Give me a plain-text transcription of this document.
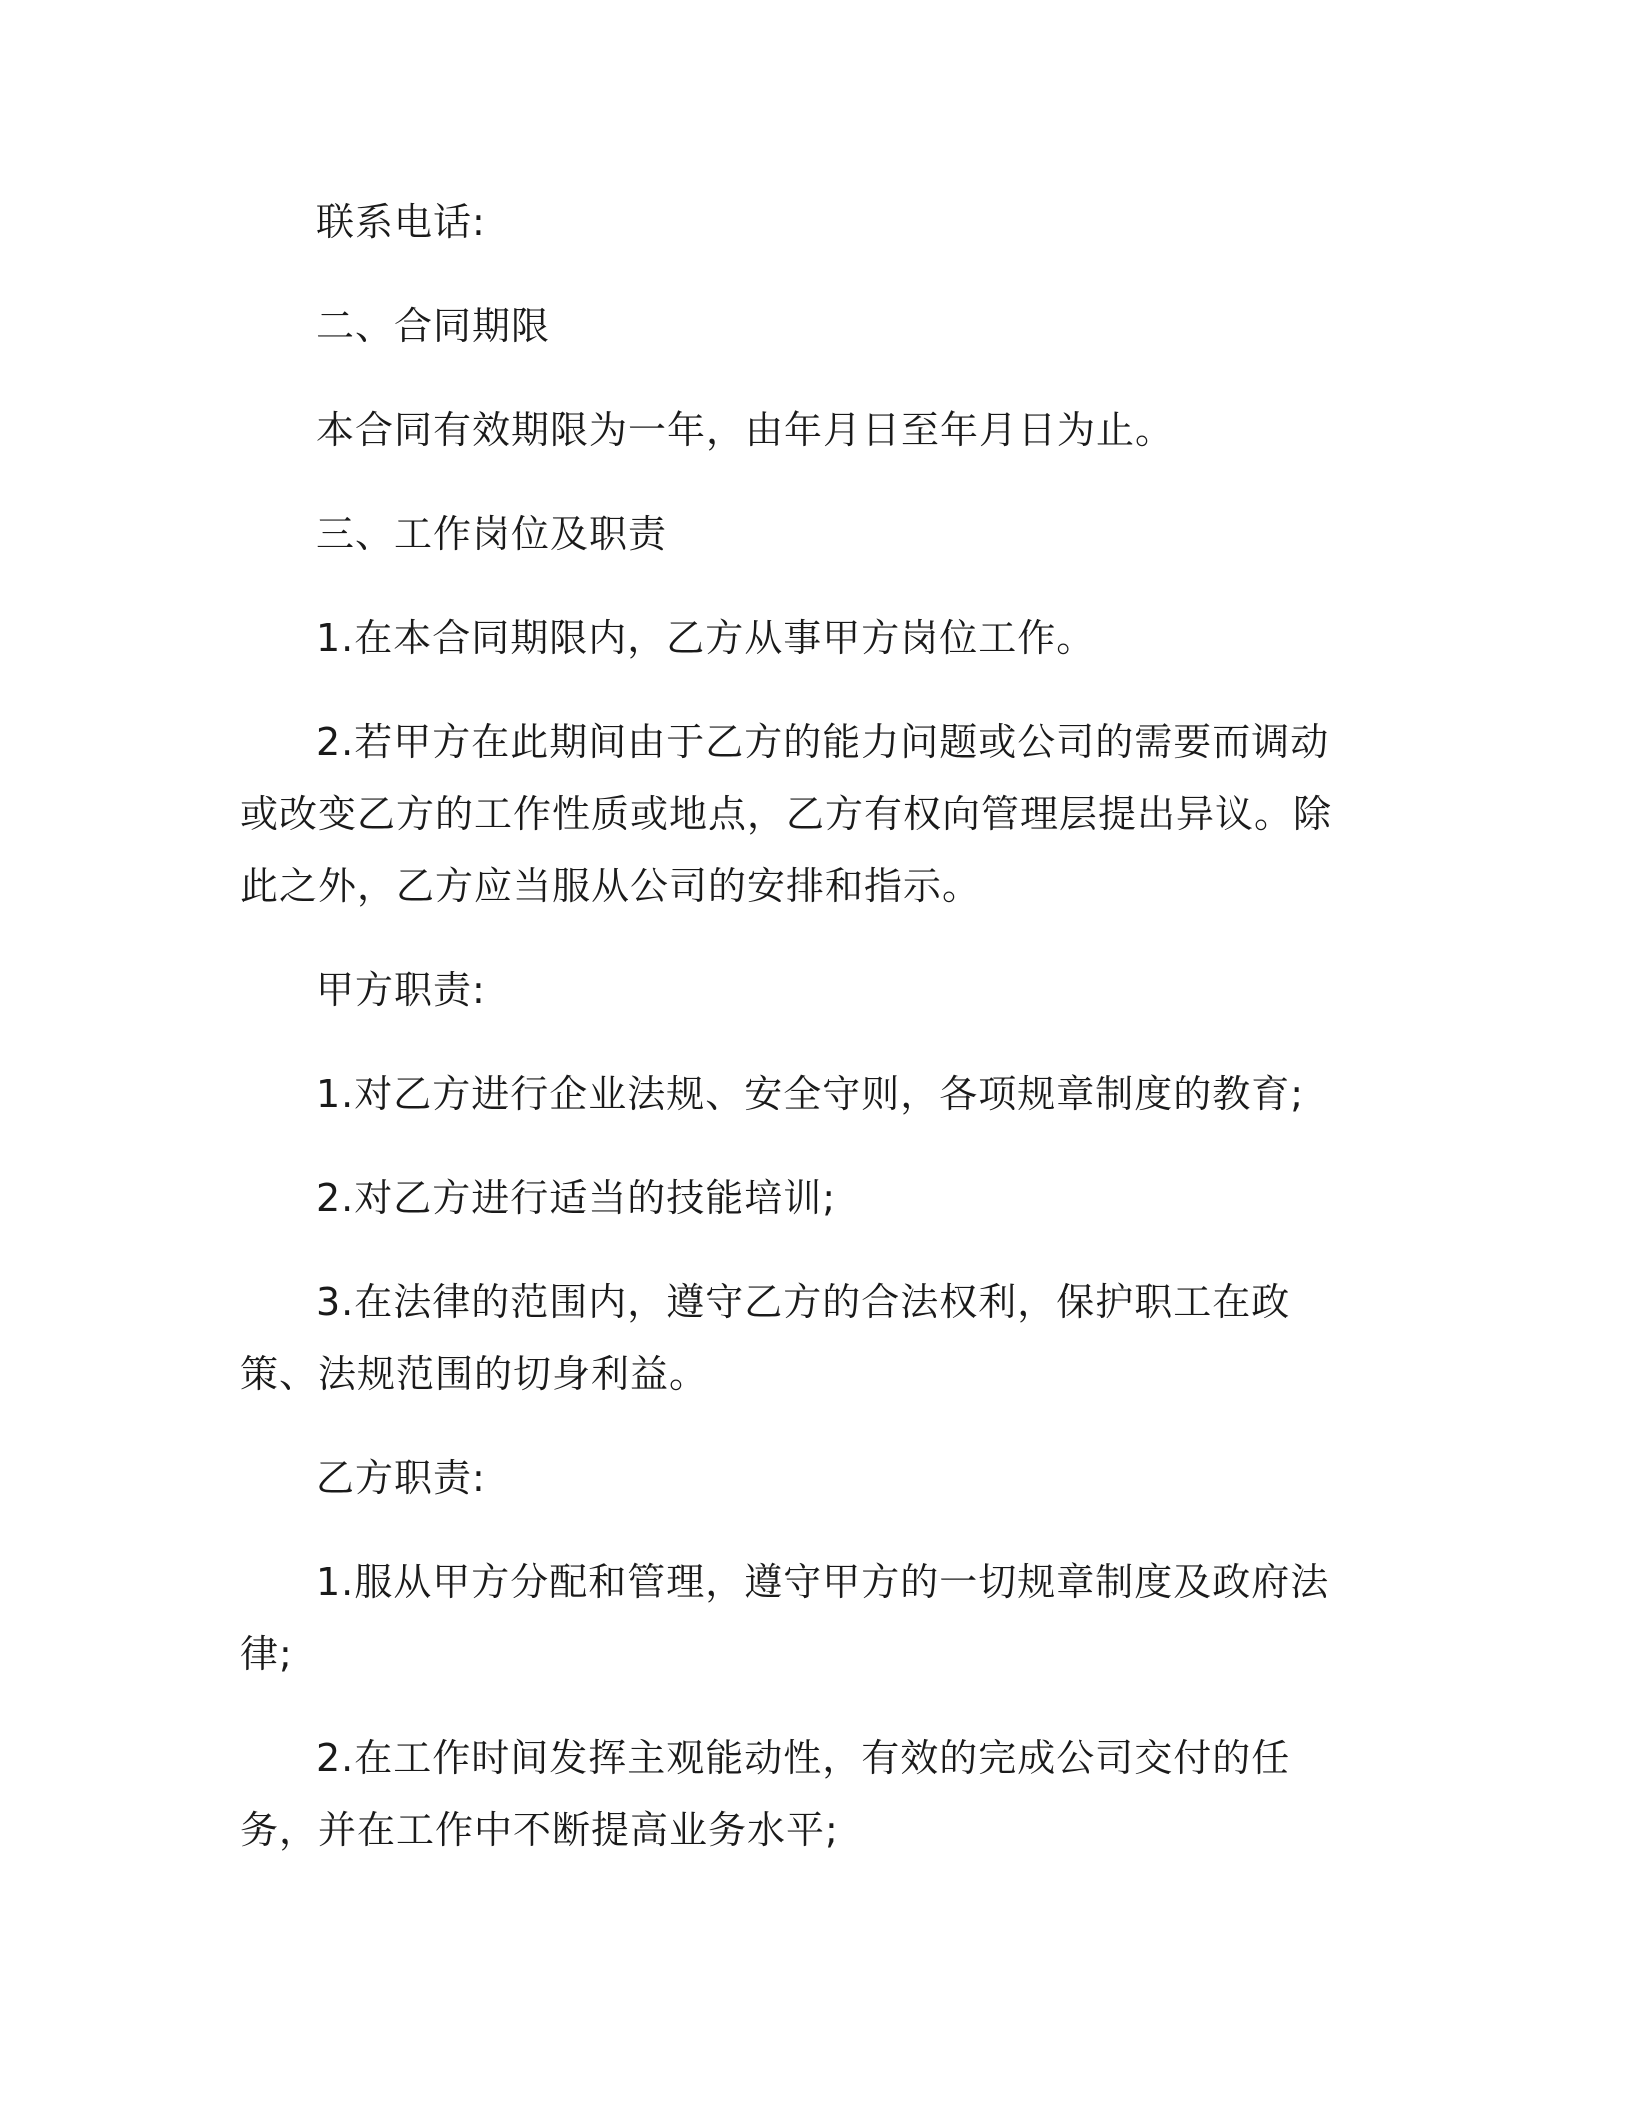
联系电话:

二、合同期限

本合同有效期限为一年，由年月日至年月日为止。

三、工作岗位及职责

1.在本合同期限内，乙方从事甲方岗位工作。

2.若甲方在此期间由于乙方的能力问题或公司的需要而调动或改变乙方的工作性质或地点，乙方有权向管理层提出异议。除此之外，乙方应当服从公司的安排和指示。

甲方职责:

1.对乙方进行企业法规、安全守则，各项规章制度的教育;

2.对乙方进行适当的技能培训;

3.在法律的范围内，遵守乙方的合法权利，保护职工在政策、法规范围的切身利益。

乙方职责:

1.服从甲方分配和管理，遵守甲方的一切规章制度及政府法律;

2.在工作时间发挥主观能动性，有效的完成公司交付的任务，并在工作中不断提高业务水平;
